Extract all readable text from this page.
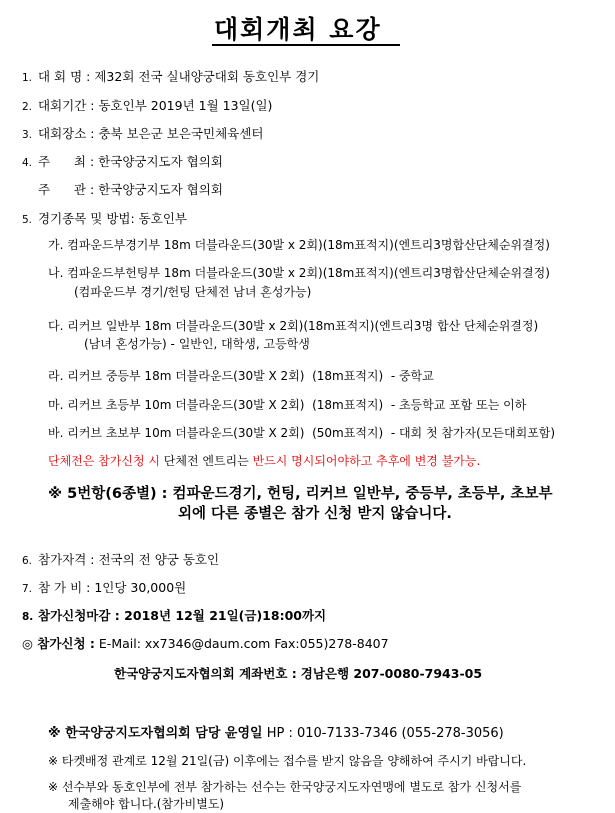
대회개최 요강
1. 대 회 명 : 제32회 전국 실내양궁대회 동호인부 경기
2. 대회기간 : 동호인부 2019년 1월 13일(일)
3. 대회장소 : 충북 보은군 보은국민체육센터
4. 주      최 : 한국양궁지도자 협의회
주      관 : 한국양궁지도자 협의회
5. 경기종목 및 방법: 동호인부
가. 컴파운드부경기부 18m 더블라운드(30발 x 2회)(18m표적지)(엔트리3명합산단체순위결정)
나. 컴파운드부헌팅부 18m 더블라운드(30발 x 2회)(18m표적지)(엔트리3명합산단체순위결정)
(컴파운드부 경기/헌팅 단체전 남녀 혼성가능)
다. 리커브 일반부 18m 더블라운드(30발 x 2회)(18m표적지)(엔트리3명 합산 단체순위결정)
(남녀 혼성가능) - 일반인, 대학생, 고등학생
라. 리커브 중등부 18m 더블라운드(30발 X 2회)  (18m표적지)  - 중학교
마. 리커브 초등부 10m 더블라운드(30발 X 2회)  (18m표적지)  - 초등학교 포함 또는 이하
바. 리커브 초보부 10m 더블라운드(30발 X 2회)  (50m표적지)  - 대회 첫 참가자(모든대회포함)
단체전은 참가신청 시 단체전 엔트리는 반드시 명시되어야하고 추후에 변경 불가능.
※ 5번항(6종별) : 컴파운드경기, 헌팅, 리커브 일반부, 중등부, 초등부, 초보부
외에 다른 종별은 참가 신청 받지 않습니다.
6. 참가자격 : 전국의 전 양궁 동호인
7. 참 가 비 : 1인당 30,000원
8. 참가신청마감 : 2018년 12월 21일(금)18:00까지
◎ 참가신청 : E-Mail: xx7346@daum.com Fax:055)278-8407
한국양궁지도자협의회 계좌번호 : 경남은행 207-0080-7943-05
※ 한국양궁지도자협의회 담당 윤영일 HP : 010-7133-7346 (055-278-3056)
※ 타켓배정 관계로 12월 21일(금) 이후에는 접수를 받지 않음을 양해하여 주시기 바랍니다.
※ 선수부와 동호인부에 전부 참가하는 선수는 한국양궁지도자연맹에 별도로 참가 신청서를
제출해야 합니다.(참가비별도)
